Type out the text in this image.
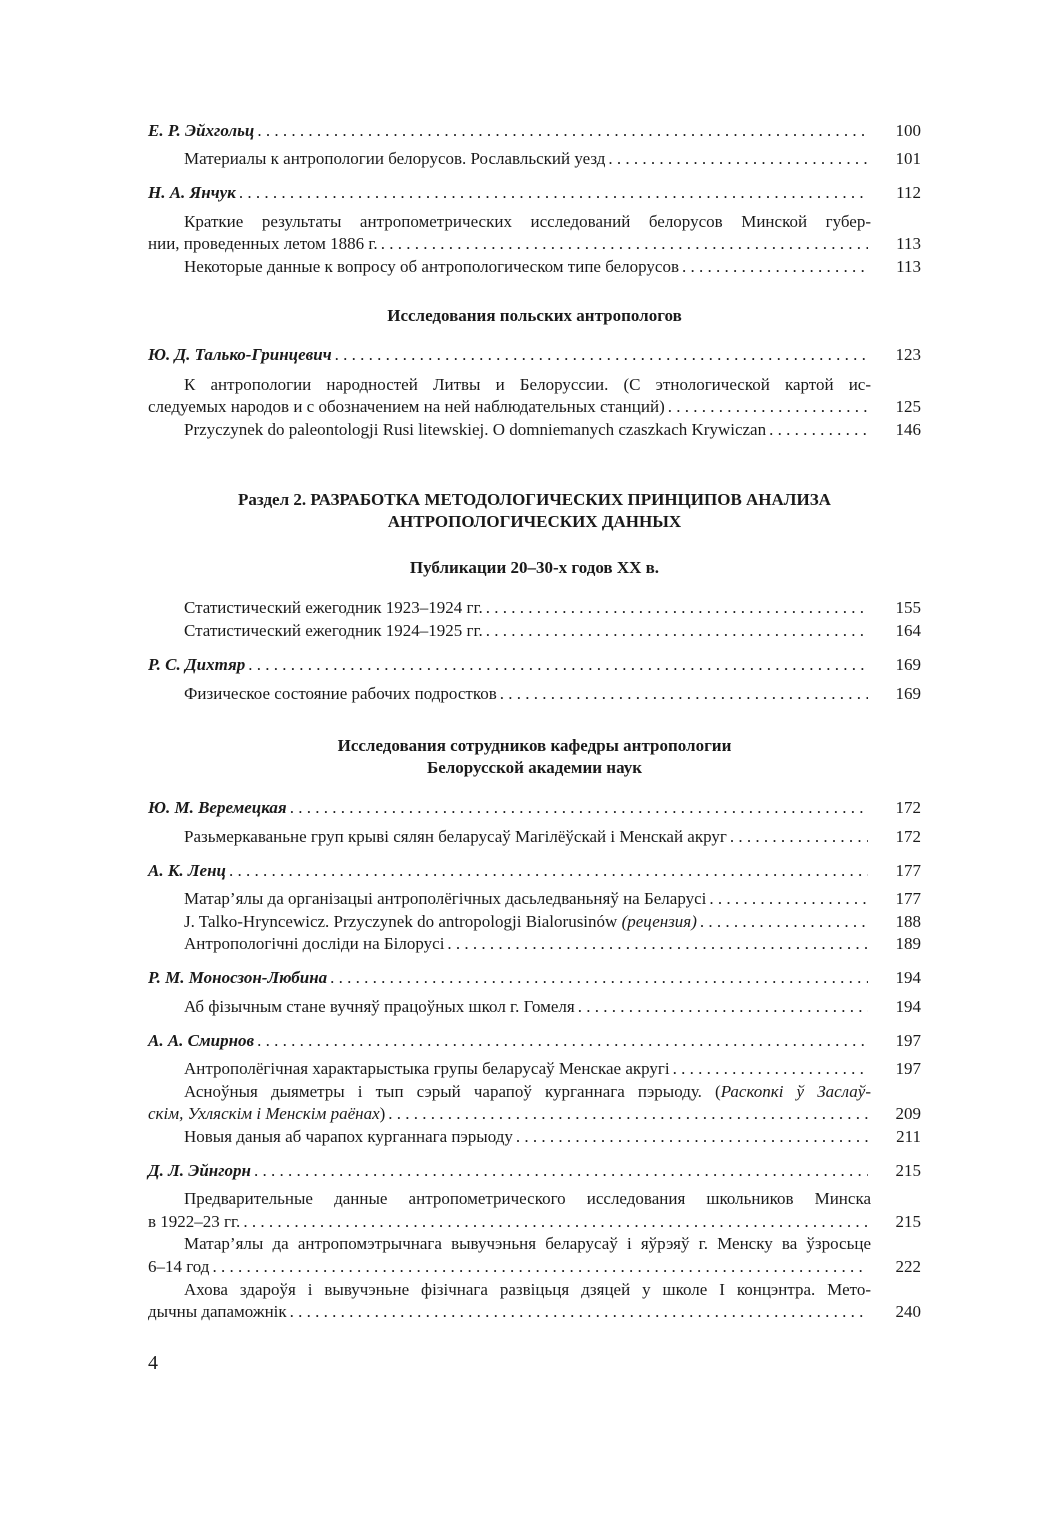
Е. Р. Эйхгольц . . .	100
Материалы к антропологии белорусов. Рославльский уезд . . .	101
Н. А. Янчук . . .	112
Краткие результаты антропометрических исследований белорусов Минской губер-
нии, проведенных летом 1886 г. . . .	113
Некоторые данные к вопросу об антропологическом типе белорусов . . .	113
Исследования польских антропологов
Ю. Д. Талько-Гринцевич . . .	123
К антропологии народностей Литвы и Белоруссии. (С этнологической картой ис-
следуемых народов и с обозначением на ней наблюдательных станций) . . .	125
Przyczynek do paleontologji Rusi litewskiej. O domniemanych czaszkach Krywiczan . . .	146
Раздел 2. РАЗРАБОТКА МЕТОДОЛОГИЧЕСКИХ ПРИНЦИПОВ АНАЛИЗА
АНТРОПОЛОГИЧЕСКИХ ДАННЫХ
Публикации 20–30-х годов XX в.
Статистический ежегодник 1923–1924 гг. . . .	155
Статистический ежегодник 1924–1925 гг. . . .	164
Р. С. Дихтяр . . .	169
Физическое состояние рабочих подростков . . .	169
Исследования сотрудников кафедры антропологии
Белорусской академии наук
Ю. М. Веремецкая . . .	172
Разьмеркаваньне груп крыві сялян беларусаў Магілёўскай і Менскай акруг . . .	172
А. К. Ленц . . .	177
Матар’ялы да організацыі антрополёгічных дасьледваньняў на Беларусі . . .	177
J. Talko-Hryncewicz. Przyczynek do antropologji Bialorusinów (рецензия) . . .	188
Антропологічні досліди на Білорусі . . .	189
Р. М. Моносзон-Любина . . .	194
Аб фізычным стане вучняў працоўных школ г. Гомеля . . .	194
А. А. Смирнов . . .	197
Антрополёгічная характарыстыка групы беларусаў Менскае акругі . . .	197
Асноўныя дыяметры і тып сэрый чарапоў курганнага пэрыоду. (Раскопкі ў Заслаў-
скім, Ухляскім і Менскім раёнах) . . .	209
Новыя даныя аб чарапох курганнага пэрыоду . . .	211
Д. Л. Эйнгорн . . .	215
Предварительные данные антропометрического исследования школьников Минска
в 1922–23 гг. . . .	215
Матар’ялы да антропомэтрычнага вывучэньня беларусаў і яўрэяў г. Менску ва ўзросьце
6–14 год . . .	222
Ахова здароўя і вывучэньне фізічнага развіцьця дзяцей у школе I концэнтра. Мето-
дычны дапаможнік . . .	240
4
